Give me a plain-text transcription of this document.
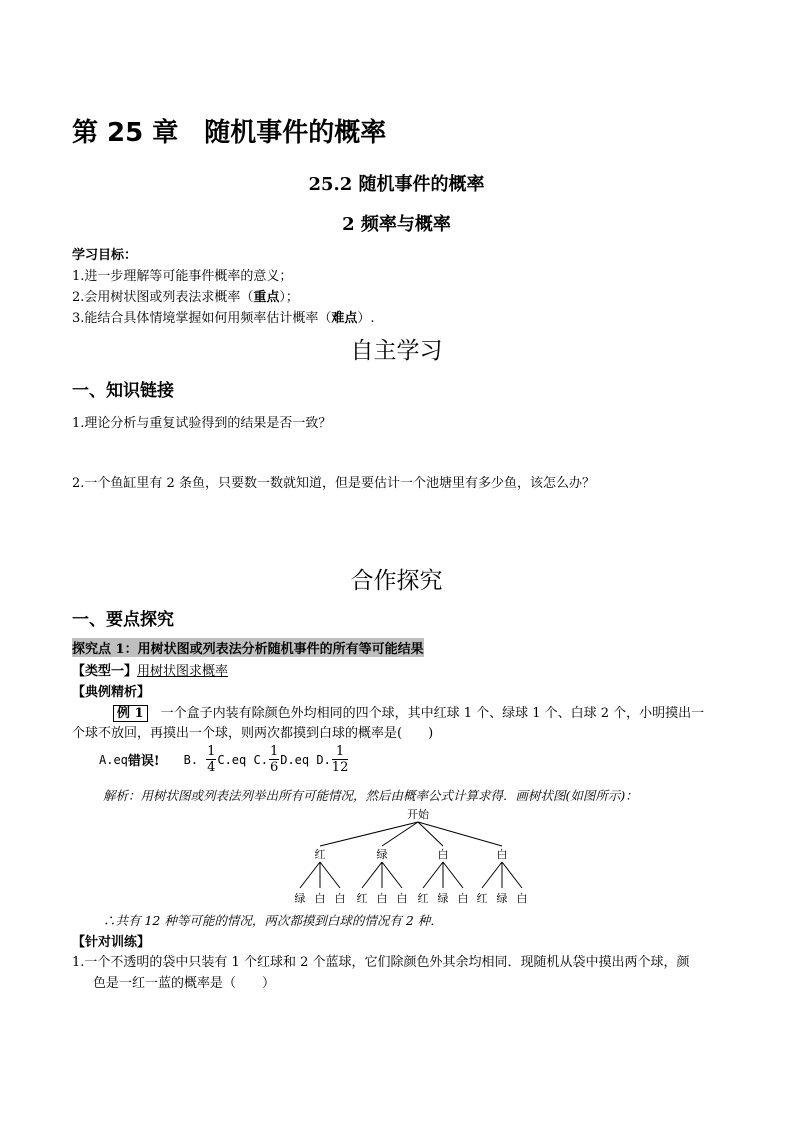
第 25 章　随机事件的概率
25.2 随机事件的概率
2 频率与概率
学习目标：
1.进一步理解等可能事件概率的意义；
2.会用树状图或列表法求概率（重点）；
3.能结合具体情境掌握如何用频率估计概率（难点）.
自主学习
一、知识链接
1.理论分析与重复试验得到的结果是否一致？
2.一个鱼缸里有 2 条鱼，只要数一数就知道，但是要估计一个池塘里有多少鱼，该怎么办？
合作探究
一、要点探究
探究点 1：用树状图或列表法分析随机事件的所有等可能结果
【类型一】用树状图求概率
【典例精析】
例 1　一个盒子内装有除颜色外均相同的四个球，其中红球 1 个、绿球 1 个、白球 2 个，小明摸出一
个球不放回，再摸出一个球，则两次都摸到白球的概率是(　　)
A.eq 错误! B. $\frac{1}{4} C.eq$ C. $\frac{1}{6} D.eq$ D. $\frac{1}{12}$
解析：用树状图或列表法列举出所有可能情况，然后由概率公式计算求得．画树状图(如图所示)：
开始
红
绿 白 白
绿
红 白 白
白
红 绿 白
白
红 绿 白
∴共有 12 种等可能的情况，两次都摸到白球的情况有 2 种．
【针对训练】
1.一个不透明的袋中只装有 1 个红球和 2 个蓝球，它们除颜色外其余均相同．现随机从袋中摸出两个球，颜
色是一红一蓝的概率是（　　）
